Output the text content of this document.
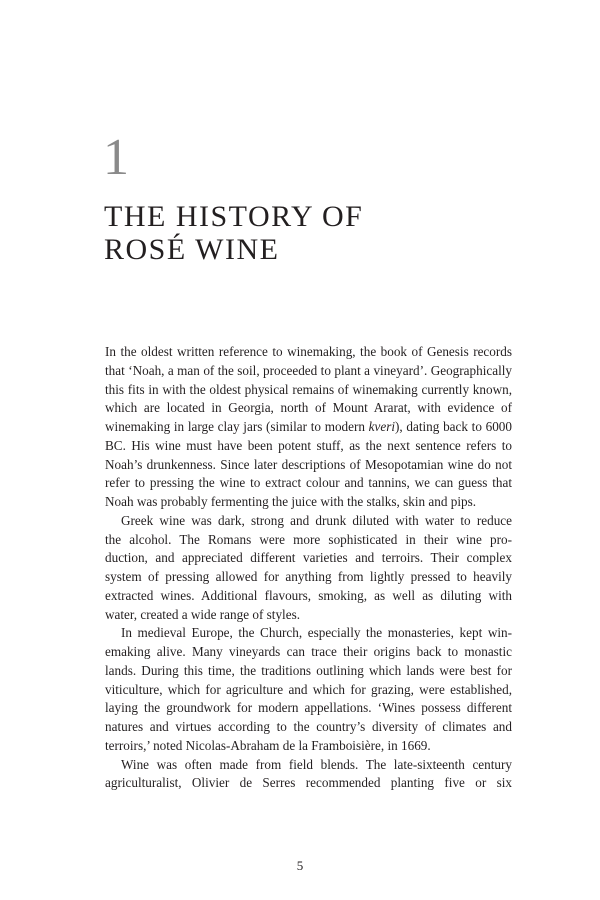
1
THE HISTORY OF
ROSÉ WINE
In the oldest written reference to winemaking, the book of Genesis records
that ‘Noah, a man of the soil, proceeded to plant a vineyard’. Geographically
this fits in with the oldest physical remains of winemaking currently known,
which are located in Georgia, north of Mount Ararat, with evidence of
winemaking in large clay jars (similar to modern kveri), dating back to 6000
BC. His wine must have been potent stuff, as the next sentence refers to
Noah’s drunkenness. Since later descriptions of Mesopotamian wine do not
refer to pressing the wine to extract colour and tannins, we can guess that
Noah was probably fermenting the juice with the stalks, skin and pips.
Greek wine was dark, strong and drunk diluted with water to reduce
the alcohol. The Romans were more sophisticated in their wine pro-
duction, and appreciated different varieties and terroirs. Their complex
system of pressing allowed for anything from lightly pressed to heavily
extracted wines. Additional flavours, smoking, as well as diluting with
water, created a wide range of styles.
In medieval Europe, the Church, especially the monasteries, kept win-
emaking alive. Many vineyards can trace their origins back to monastic
lands. During this time, the traditions outlining which lands were best for
viticulture, which for agriculture and which for grazing, were established,
laying the groundwork for modern appellations. ‘Wines possess different
natures and virtues according to the country’s diversity of climates and
terroirs,’ noted Nicolas-Abraham de la Framboisière, in 1669.
Wine was often made from field blends. The late-sixteenth century
agriculturalist, Olivier de Serres recommended planting five or six
5
